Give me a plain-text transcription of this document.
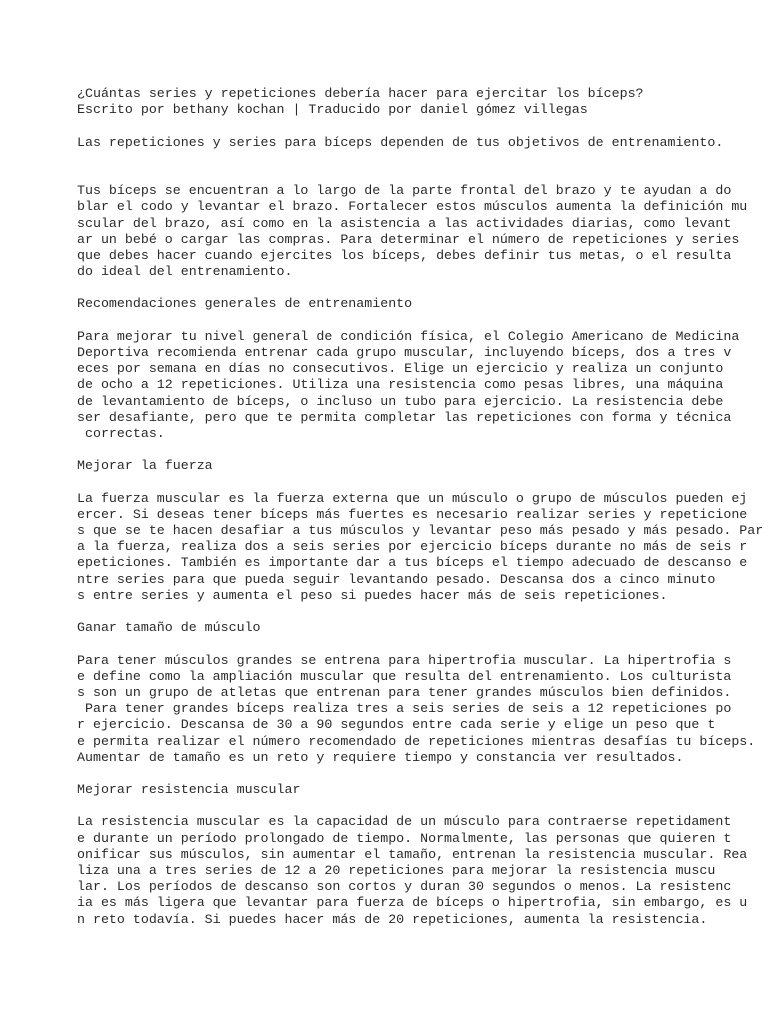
¿Cuántas series y repeticiones debería hacer para ejercitar los bíceps?
Escrito por bethany kochan | Traducido por daniel gómez villegas
Las repeticiones y series para bíceps dependen de tus objetivos de entrenamiento.
Tus bíceps se encuentran a lo largo de la parte frontal del brazo y te ayudan a do
blar el codo y levantar el brazo. Fortalecer estos músculos aumenta la definición mu
scular del brazo, así como en la asistencia a las actividades diarias, como levant
ar un bebé o cargar las compras. Para determinar el número de repeticiones y series
que debes hacer cuando ejercites los bíceps, debes definir tus metas, o el resulta
do ideal del entrenamiento.
Recomendaciones generales de entrenamiento
Para mejorar tu nivel general de condición física, el Colegio Americano de Medicina
Deportiva recomienda entrenar cada grupo muscular, incluyendo bíceps, dos a tres v
eces por semana en días no consecutivos. Elige un ejercicio y realiza un conjunto
de ocho a 12 repeticiones. Utiliza una resistencia como pesas libres, una máquina
de levantamiento de bíceps, o incluso un tubo para ejercicio. La resistencia debe
ser desafiante, pero que te permita completar las repeticiones con forma y técnica
correctas.
Mejorar la fuerza
La fuerza muscular es la fuerza externa que un músculo o grupo de músculos pueden ej
ercer. Si deseas tener bíceps más fuertes es necesario realizar series y repeticione
s que se te hacen desafiar a tus músculos y levantar peso más pesado y más pesado. Par
a la fuerza, realiza dos a seis series por ejercicio bíceps durante no más de seis r
epeticiones. También es importante dar a tus bíceps el tiempo adecuado de descanso e
ntre series para que pueda seguir levantando pesado. Descansa dos a cinco minuto
s entre series y aumenta el peso si puedes hacer más de seis repeticiones.
Ganar tamaño de músculo
Para tener músculos grandes se entrena para hipertrofia muscular. La hipertrofia s
e define como la ampliación muscular que resulta del entrenamiento. Los culturista
s son un grupo de atletas que entrenan para tener grandes músculos bien definidos.
Para tener grandes bíceps realiza tres a seis series de seis a 12 repeticiones po
r ejercicio. Descansa de 30 a 90 segundos entre cada serie y elige un peso que t
e permita realizar el número recomendado de repeticiones mientras desafías tu bíceps.
Aumentar de tamaño es un reto y requiere tiempo y constancia ver resultados.
Mejorar resistencia muscular
La resistencia muscular es la capacidad de un músculo para contraerse repetidament
e durante un período prolongado de tiempo. Normalmente, las personas que quieren t
onificar sus músculos, sin aumentar el tamaño, entrenan la resistencia muscular. Rea
liza una a tres series de 12 a 20 repeticiones para mejorar la resistencia muscu
lar. Los períodos de descanso son cortos y duran 30 segundos o menos. La resistenc
ia es más ligera que levantar para fuerza de bíceps o hipertrofia, sin embargo, es u
n reto todavía. Si puedes hacer más de 20 repeticiones, aumenta la resistencia.
